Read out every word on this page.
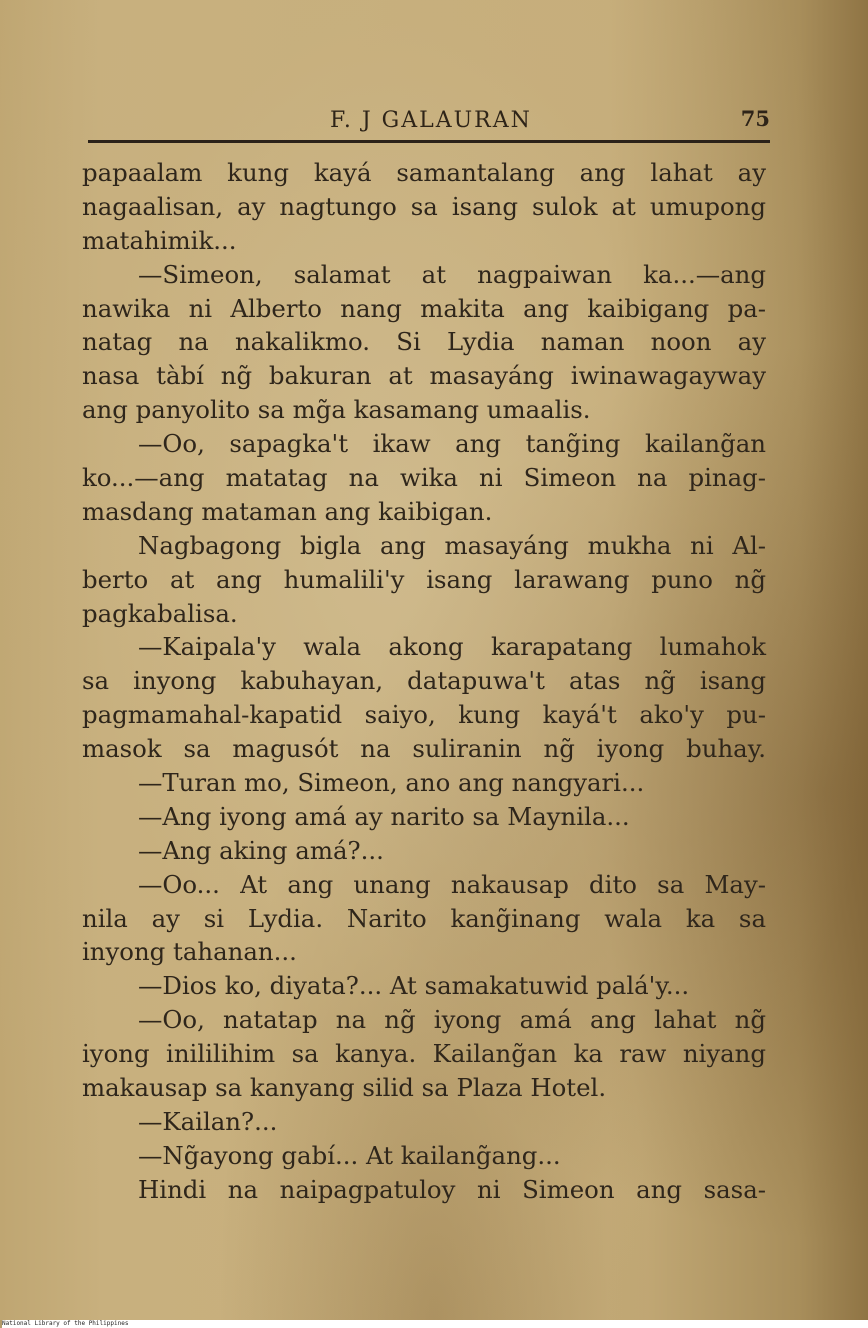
F. J GALAURAN	75
papaalam kung kayá samantalang ang lahat ay
nagaalisan, ay nagtungo sa isang sulok at umupong
matahimik...
—Simeon, salamat at nagpaiwan ka...—ang
nawika ni Alberto nang makita ang kaibigang pa-
natag na nakalikmo. Si Lydia naman noon ay
nasa tàbí ng̃ bakuran at masayáng iwinawagayway
ang panyolito sa mg̃a kasamang umaalis.
—Oo, sapagka't ikaw ang tang̃ing kailang̃an
ko...—ang matatag na wika ni Simeon na pinag-
masdang mataman ang kaibigan.
Nagbagong bigla ang masayáng mukha ni Al-
berto at ang humalili'y isang larawang puno ng̃
pagkabalisa.
—Kaipala'y wala akong karapatang lumahok
sa inyong kabuhayan, datapuwa't atas ng̃ isang
pagmamahal-kapatid saiyo, kung kayá't ako'y pu-
masok sa magusót na suliranin ng̃ iyong buhay.
—Turan mo, Simeon, ano ang nangyari...
—Ang iyong amá ay narito sa Maynila...
—Ang aking amá?...
—Oo... At ang unang nakausap dito sa May-
nila ay si Lydia. Narito kang̃inang wala ka sa
inyong tahanan...
—Dios ko, diyata?... At samakatuwid palá'y...
—Oo, natatap na ng̃ iyong amá ang lahat ng̃
iyong inililihim sa kanya. Kailang̃an ka raw niyang
makausap sa kanyang silid sa Plaza Hotel.
—Kailan?...
—Ng̃ayong gabí... At kailang̃ang...
Hindi na naipagpatuloy ni Simeon ang sasa-
National Library of the Philippines
